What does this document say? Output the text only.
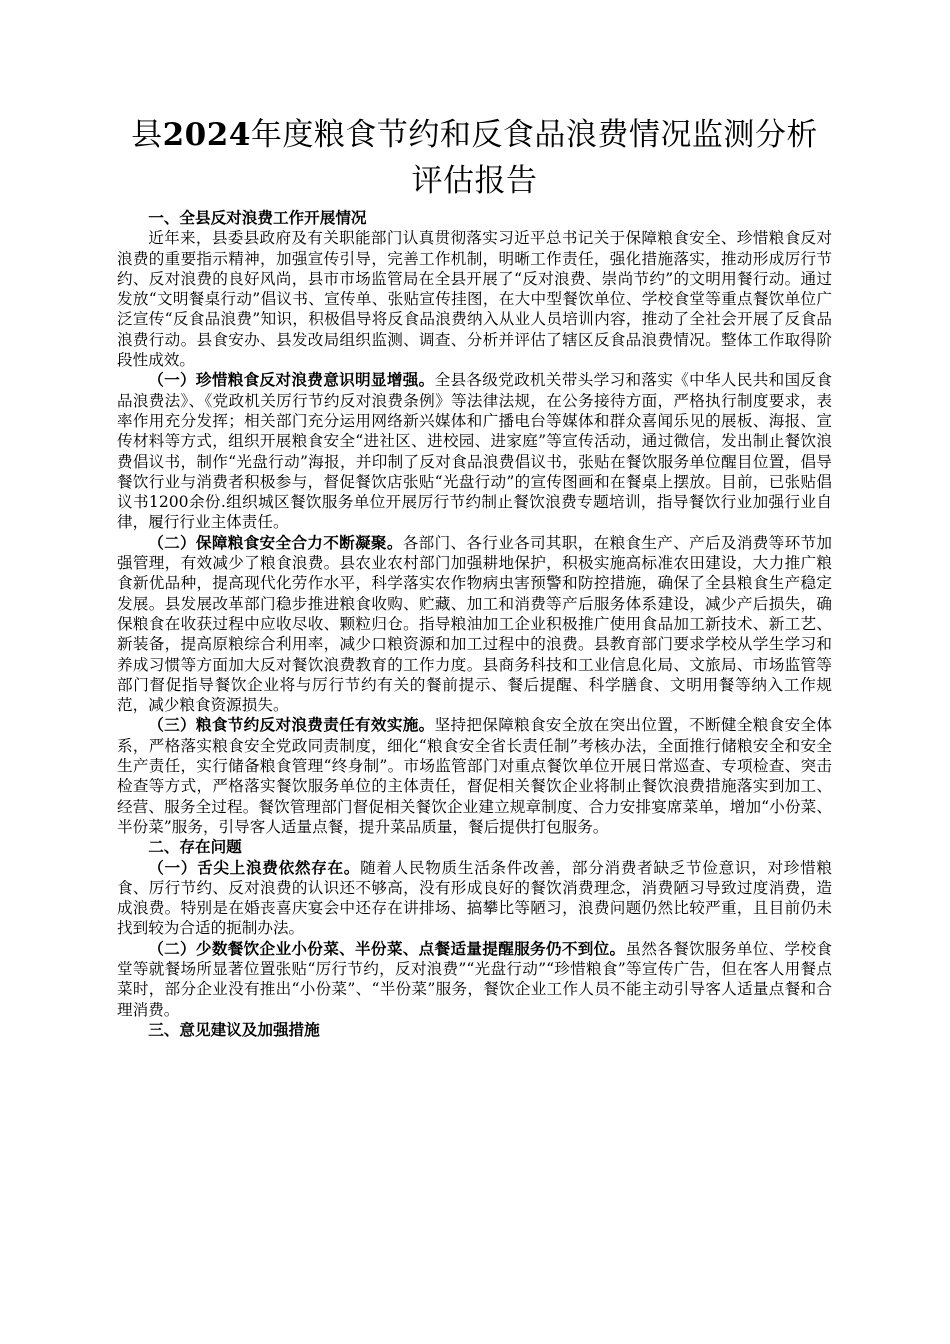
县2024年度粮食节约和反食品浪费情况监测分析评估报告

一、全县反对浪费工作开展情况

近年来，县委县政府及有关职能部门认真贯彻落实习近平总书记关于保障粮食安全、珍惜粮食反对浪费的重要指示精神，加强宣传引导，完善工作机制，明晰工作责任，强化措施落实，推动形成厉行节约、反对浪费的良好风尚，县市市场监管局在全县开展了“反对浪费、崇尚节约”的文明用餐行动。通过发放“文明餐桌行动”倡议书、宣传单、张贴宣传挂图，在大中型餐饮单位、学校食堂等重点餐饮单位广泛宣传“反食品浪费”知识，积极倡导将反食品浪费纳入从业人员培训内容，推动了全社会开展了反食品浪费行动。县食安办、县发改局组织监测、调查、分析并评估了辖区反食品浪费情况。整体工作取得阶段性成效。

（一）珍惜粮食反对浪费意识明显增强。全县各级党政机关带头学习和落实《中华人民共和国反食品浪费法》、《党政机关厉行节约反对浪费条例》等法律法规，在公务接待方面，严格执行制度要求，表率作用充分发挥；相关部门充分运用网络新兴媒体和广播电台等媒体和群众喜闻乐见的展板、海报、宣传材料等方式，组织开展粮食安全“进社区、进校园、进家庭”等宣传活动，通过微信，发出制止餐饮浪费倡议书，制作“光盘行动”海报，并印制了反对食品浪费倡议书，张贴在餐饮服务单位醒目位置，倡导餐饮行业与消费者积极参与，督促餐饮店张贴“光盘行动”的宣传图画和在餐桌上摆放。目前，已张贴倡议书1200余份.组织城区餐饮服务单位开展厉行节约制止餐饮浪费专题培训，指导餐饮行业加强行业自律，履行行业主体责任。

（二）保障粮食安全合力不断凝聚。各部门、各行业各司其职，在粮食生产、产后及消费等环节加强管理，有效减少了粮食浪费。县农业农村部门加强耕地保护，积极实施高标准农田建设，大力推广粮食新优品种，提高现代化劳作水平，科学落实农作物病虫害预警和防控措施，确保了全县粮食生产稳定发展。县发展改革部门稳步推进粮食收购、贮藏、加工和消费等产后服务体系建设，减少产后损失，确保粮食在收获过程中应收尽收、颗粒归仓。指导粮油加工企业积极推广使用食品加工新技术、新工艺、新装备，提高原粮综合利用率，减少口粮资源和加工过程中的浪费。县教育部门要求学校从学生学习和养成习惯等方面加大反对餐饮浪费教育的工作力度。县商务科技和工业信息化局、文旅局、市场监管等部门督促指导餐饮企业将与厉行节约有关的餐前提示、餐后提醒、科学膳食、文明用餐等纳入工作规范，减少粮食资源损失。

（三）粮食节约反对浪费责任有效实施。坚持把保障粮食安全放在突出位置，不断健全粮食安全体系，严格落实粮食安全党政同责制度，细化“粮食安全省长责任制”考核办法，全面推行储粮安全和安全生产责任，实行储备粮食管理“终身制”。市场监管部门对重点餐饮单位开展日常巡查、专项检查、突击检查等方式，严格落实餐饮服务单位的主体责任，督促相关餐饮企业将制止餐饮浪费措施落实到加工、经营、服务全过程。餐饮管理部门督促相关餐饮企业建立规章制度、合力安排宴席菜单，增加“小份菜、半份菜”服务，引导客人适量点餐，提升菜品质量，餐后提供打包服务。

二、存在问题

（一）舌尖上浪费依然存在。随着人民物质生活条件改善，部分消费者缺乏节俭意识，对珍惜粮食、厉行节约、反对浪费的认识还不够高，没有形成良好的餐饮消费理念，消费陋习导致过度消费，造成浪费。特别是在婚丧喜庆宴会中还存在讲排场、搞攀比等陋习，浪费问题仍然比较严重，且目前仍未找到较为合适的扼制办法。

（二）少数餐饮企业小份菜、半份菜、点餐适量提醒服务仍不到位。虽然各餐饮服务单位、学校食堂等就餐场所显著位置张贴“厉行节约，反对浪费”“光盘行动”“珍惜粮食”等宣传广告，但在客人用餐点菜时，部分企业没有推出“小份菜”、“半份菜”服务，餐饮企业工作人员不能主动引导客人适量点餐和合理消费。

三、意见建议及加强措施
